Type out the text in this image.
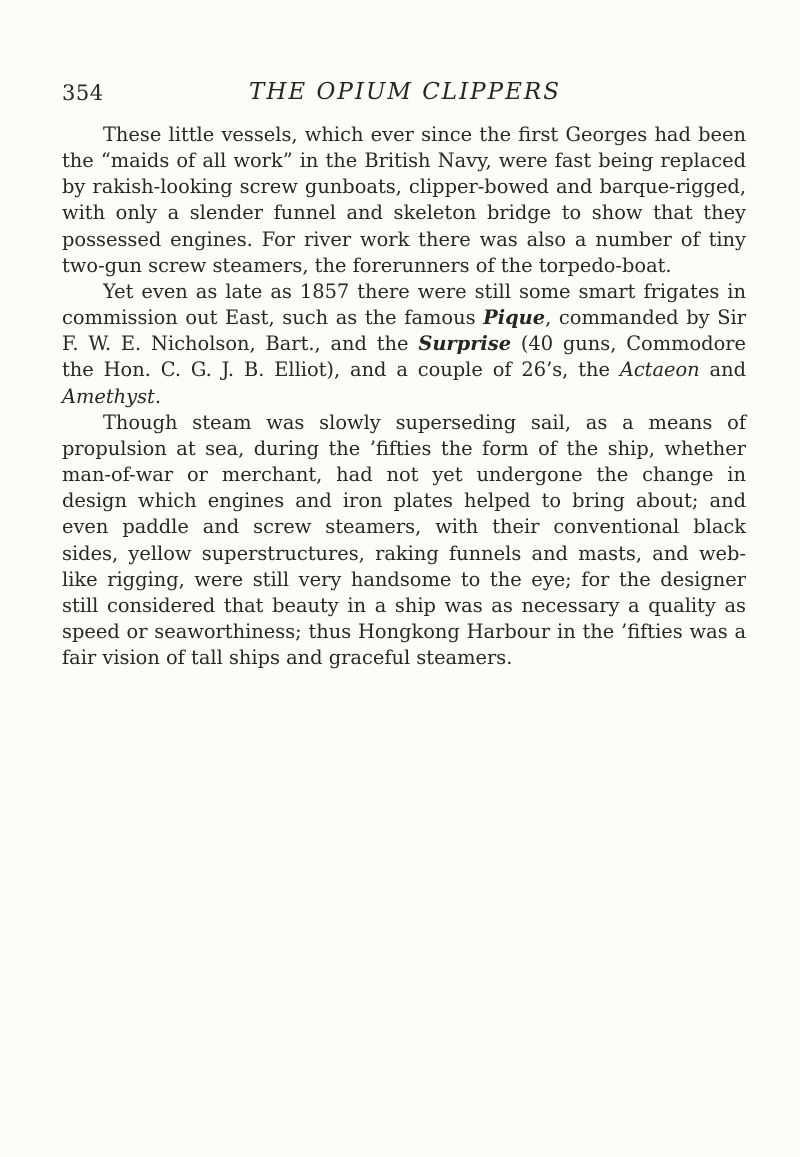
354	THE OPIUM CLIPPERS

These little vessels, which ever since the first Georges had been the “maids of all work” in the British Navy, were fast being replaced by rakish-looking screw gunboats, clipper-bowed and barque-rigged, with only a slender funnel and skeleton bridge to show that they possessed engines. For river work there was also a number of tiny two-gun screw steamers, the forerunners of the torpedo-boat.

Yet even as late as 1857 there were still some smart frigates in commission out East, such as the famous Pique, commanded by Sir F. W. E. Nicholson, Bart., and the Surprise (40 guns, Commodore the Hon. C. G. J. B. Elliot), and a couple of 26’s, the Actaeon and Amethyst.

Though steam was slowly superseding sail, as a means of propulsion at sea, during the ’fifties the form of the ship, whether man-of-war or merchant, had not yet undergone the change in design which engines and iron plates helped to bring about; and even paddle and screw steamers, with their conventional black sides, yellow superstructures, raking funnels and masts, and web-like rigging, were still very handsome to the eye; for the designer still considered that beauty in a ship was as necessary a quality as speed or seaworthiness; thus Hongkong Harbour in the ’fifties was a fair vision of tall ships and graceful steamers.
